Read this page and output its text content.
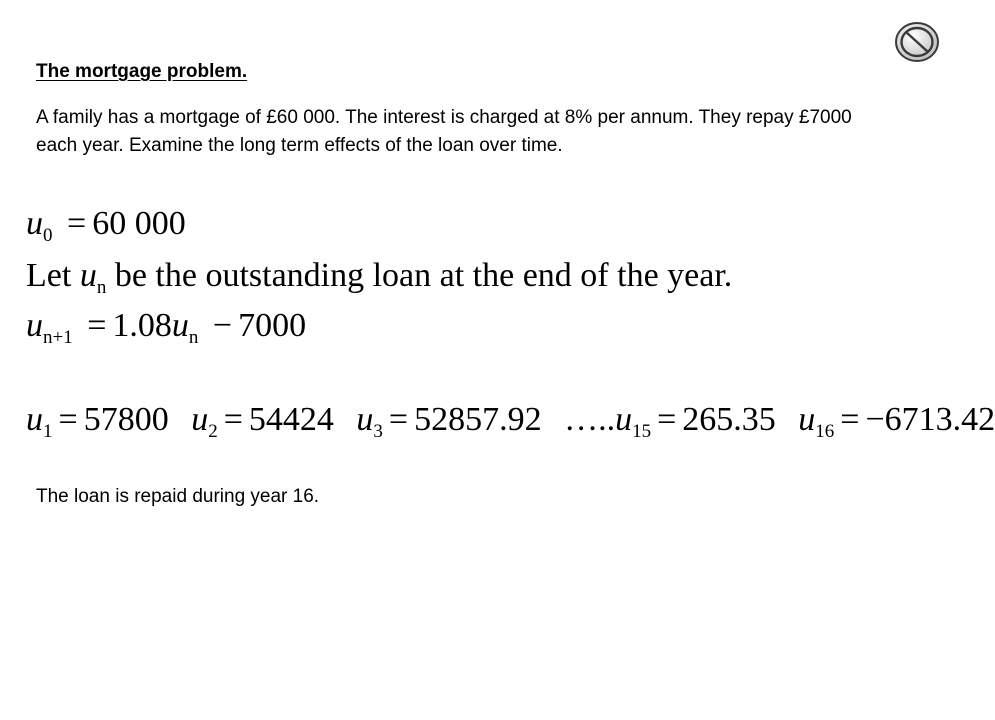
The mortgage problem.
A family has a mortgage of £60 000. The interest is charged at 8% per annum. They repay £7000 each year. Examine the long term effects of the loan over time.
$u_0 = 60$ 000
Let $u_n$ be the outstanding loan at the end of the year.
$u_{n+1} = 1.08u_n - 7000$
$u_1 = 57800$ $u_2 = 54424$ $u_3 = 52857.92$ $\dots..u_{15} = 265.35$ $u_{16} = -6713.42$
The loan is repaid during year 16.
